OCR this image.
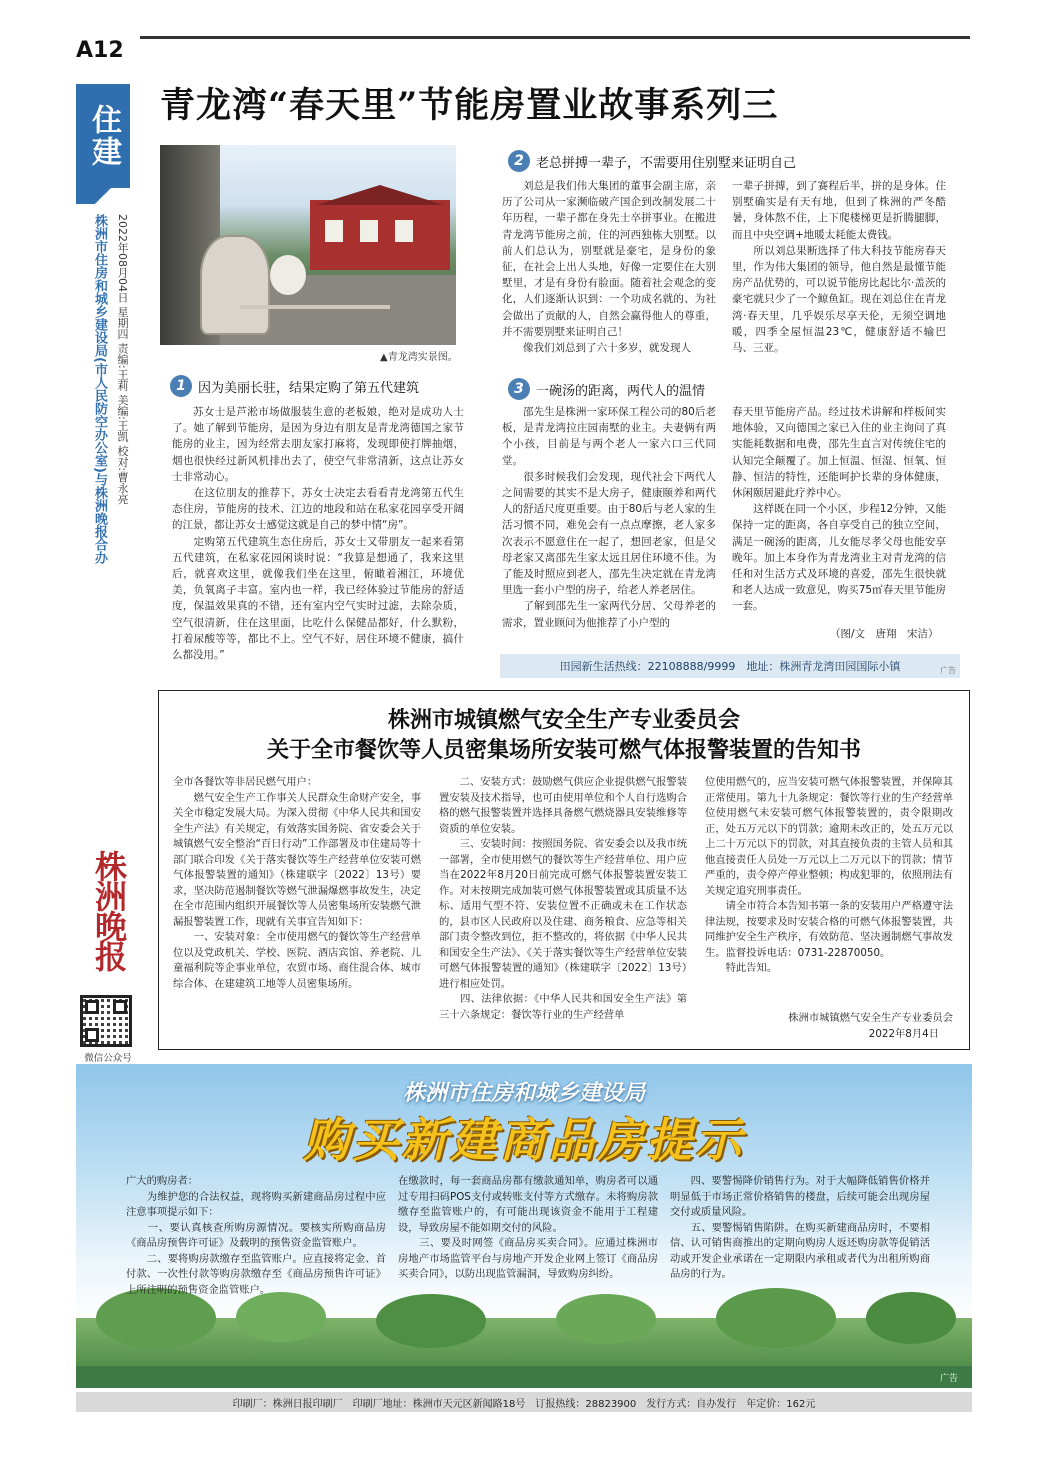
A12
住建
2022年08月04日 星期四 责编:王莉 美编:王凯 校对:曹永亮
株洲市住房和城乡建设局(市人民防空办公室)与株洲晚报合办
株洲晚报
微信公众号
青龙湾“春天里”节能房置业故事系列三
▲青龙湾实景图。
1 因为美丽长驻，结果定购了第五代建筑
苏女士是芦淞市场做服装生意的老板娘，绝对是成功人士了。她了解到节能房，是因为身边有朋友是青龙湾德国之家节能房的业主，因为经常去朋友家打麻将，发现即使打牌抽烟，烟也很快经过新风机排出去了，使空气非常清新，这点让苏女士非常动心。
　　在这位朋友的推荐下，苏女士决定去看看青龙湾第五代生态住房，节能房的技术、江边的地段和站在私家花园享受开阔的江景，都让苏女士感觉这就是自己的梦中情“房”。
　　定购第五代建筑生态住房后，苏女士又带朋友一起来看第五代建筑，在私家花园闲谈时说：“我算是想通了，我来这里后，就喜欢这里，就像我们坐在这里，俯瞰着湘江，环境优美，负氧离子丰富。室内也一样，我已经体验过节能房的舒适度，保温效果真的不错，还有室内空气实时过滤，去除杂质，空气很清新，住在这里面，比吃什么保健品都好，什么默粉，打着尿酸等等，都比不上。空气不好，居住环境不健康，搞什么都没用。”
2 老总拼搏一辈子，不需要用住别墅来证明自己
刘总是我们伟大集团的董事会副主席，亲历了公司从一家濒临破产国企到改制发展二十年历程，一辈子都在身先士卒拼事业。在搬进青龙湾节能房之前，住的河西独栋大别墅。以前人们总认为，别墅就是豪宅，是身份的象征，在社会上出人头地，好像一定要住在大别墅里，才是有身份有脸面。随着社会观念的变化，人们逐渐认识到：一个功成名就的、为社会做出了贡献的人，自然会赢得他人的尊重，并不需要别墅来证明自己！
　　像我们刘总到了六十多岁，就发现人
一辈子拼搏，到了赛程后半，拼的是身体。住别墅确实是有天有地，但到了株洲的严冬酷暑，身体熬不住，上下爬楼梯更是折腾腿脚，而且中央空调+地暖太耗能太费钱。
　　所以刘总果断选择了伟大科技节能房春天里，作为伟大集团的领导，他自然是最懂节能房产品优势的，可以说节能房比起比尔·盖茨的豪宅就只少了一个鲸鱼缸。现在刘总住在青龙湾·春天里，几乎娱乐尽享天伦，无须空调地暖，四季全屋恒温23℃，健康舒适不输巴马、三亚。
3 一碗汤的距离，两代人的温情
邵先生是株洲一家环保工程公司的80后老板，是青龙湾拉庄园南墅的业主。夫妻俩有两个小孩，目前是与两个老人一家六口三代同堂。
　　很多时候我们会发现，现代社会下两代人之间需要的其实不是大房子，健康颐养和两代人的舒适尺度更重要。由于80后与老人家的生活习惯不同，难免会有一点点摩擦，老人家多次表示不愿意住在一起了，想回老家，但是父母老家又离邵先生家太远且居住环境不佳。为了能及时照应到老人，邵先生决定就在青龙湾里选一套小户型的房子，给老人养老居住。
　　了解到邵先生一家两代分居、父母养老的需求，置业顾问为他推荐了小户型的
春天里节能房产品。经过技术讲解和样板间实地体验，又向德国之家已入住的业主询问了真实能耗数据和电费，邵先生直言对传统住宅的认知完全颠覆了。加上恒温、恒湿、恒氧、恒静、恒洁的特性，还能呵护长辈的身体健康，休闲颐居避此疗养中心。
　　这样既在同一个小区，步程12分钟，又能保持一定的距离，各自享受自己的独立空间，满足一碗汤的距离，儿女能尽孝父母也能安享晚年。加上本身作为青龙湾业主对青龙湾的信任和对生活方式及环境的喜爱，邵先生很快就和老人达成一致意见，购买75㎡春天里节能房一套。
（图/文　唐翔　宋洁）
田园新生活热线：22108888/9999　地址：株洲青龙湾田园国际小镇	广告
株洲市城镇燃气安全生产专业委员会
关于全市餐饮等人员密集场所安装可燃气体报警装置的告知书
全市各餐饮等非居民燃气用户：
　　燃气安全生产工作事关人民群众生命财产安全，事关全市稳定发展大局。为深入贯彻《中华人民共和国安全生产法》有关规定，有效落实国务院、省安委会关于城镇燃气安全整治“百日行动”工作部署及市住建局等十部门联合印发《关于落实餐饮等生产经营单位安装可燃气体报警装置的通知》（株建联字〔2022〕13号）要求，坚决防范遏制餐饮等燃气泄漏爆燃事故发生，决定在全市范围内组织开展餐饮等人员密集场所安装燃气泄漏报警装置工作，现就有关事宜告知如下：
　　一、安装对象：全市使用燃气的餐饮等生产经营单位以及党政机关、学校、医院、酒店宾馆、养老院、儿童福利院等企事业单位，农贸市场、商住混合体、城市综合体、在建建筑工地等人员密集场所。
二、安装方式：鼓励燃气供应企业提供燃气报警装置安装及技术指导，也可由使用单位和个人自行选购合格的燃气报警装置并选择具备燃气燃烧器具安装维修等资质的单位安装。
　　三、安装时间：按照国务院、省安委会以及我市统一部署，全市使用燃气的餐饮等生产经营单位、用户应当在2022年8月20日前完成可燃气体报警装置安装工作。对未按期完成加装可燃气体报警装置或其质量不达标、适用气型不符、安装位置不正确或未在工作状态的，县市区人民政府以及住建、商务粮食、应急等相关部门责令整改到位，拒不整改的，将依据《中华人民共和国安全生产法》、《关于落实餐饮等生产经营单位安装可燃气体报警装置的通知》（株建联字〔2022〕13号）进行相应处罚。
　　四、法律依据：《中华人民共和国安全生产法》第三十六条规定：餐饮等行业的生产经营单
位使用燃气的，应当安装可燃气体报警装置，并保障其正常使用。第九十九条规定：餐饮等行业的生产经营单位使用燃气未安装可燃气体报警装置的，责令限期改正，处五万元以下的罚款；逾期未改正的，处五万元以上二十万元以下的罚款，对其直接负责的主管人员和其他直接责任人员处一万元以上二万元以下的罚款；情节严重的，责令停产停业整顿；构成犯罪的，依照刑法有关规定追究刑事责任。
　　请全市符合本告知书第一条的安装用户严格遵守法律法规，按要求及时安装合格的可燃气体报警装置，共同维护安全生产秩序，有效防范、坚决遏制燃气事故发生。监督投诉电话：0731-22870050。
　　特此告知。
株洲市城镇燃气安全生产专业委员会
2022年8月4日
株洲市住房和城乡建设局
购买新建商品房提示
广大的购房者：
　　为维护您的合法权益，现将购买新建商品房过程中应注意事项提示如下：
　　一、要认真核查所购房源情况。要核实所购商品房《商品房预售许可证》及载明的预售资金监管账户。
　　二、要将购房款缴存至监管账户。应直接将定金、首付款、一次性付款等购房款缴存至《商品房预售许可证》上所注明的预售资金监管账户。
在缴款时，每一套商品房都有缴款通知单，购房者可以通过专用扫码POS支付或转账支付等方式缴存。未将购房款缴存至监管账户的，有可能出现该资金不能用于工程建设，导致房屋不能如期交付的风险。
　　三、要及时网签《商品房买卖合同》。应通过株洲市房地产市场监管平台与房地产开发企业网上签订《商品房买卖合同》，以防出现监管漏洞，导致购房纠纷。
四、要警惕降价销售行为。对于大幅降低销售价格并明显低于市场正常价格销售的楼盘，后续可能会出现房屋交付或质量风险。
　　五、要警惕销售陷阱。在购买新建商品房时，不要相信、认可销售商推出的定期向购房人返还购房款等促销活动或开发企业承诺在一定期限内承租或者代为出租所购商品房的行为。
广告
印刷厂：株洲日报印刷厂　印刷厂地址：株洲市天元区新闻路18号　订报热线：28823900　发行方式：自办发行　年定价：162元
